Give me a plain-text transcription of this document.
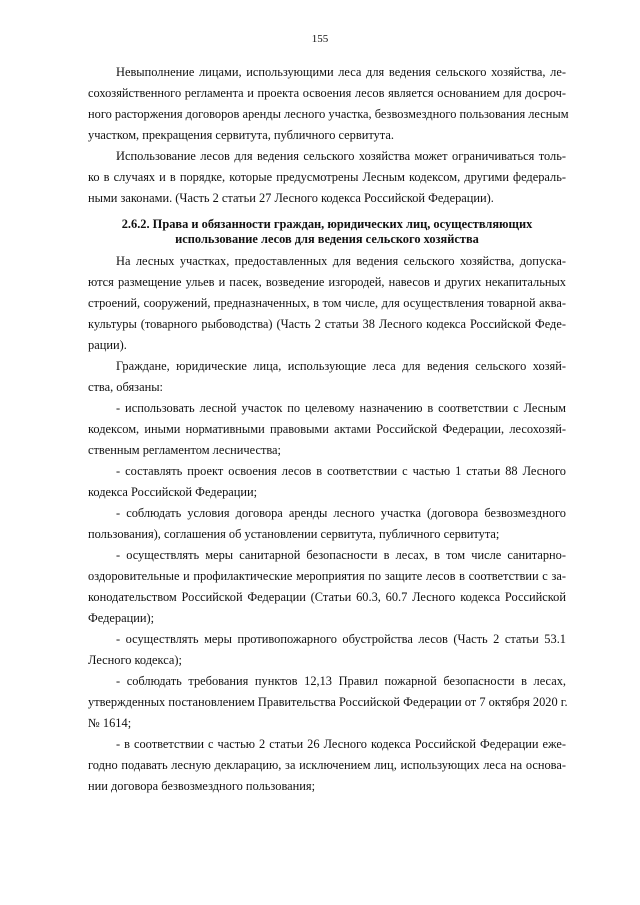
155
Невыполнение лицами, использующими леса для ведения сельского хозяйства, ле-
сохозяйственного регламента и проекта освоения лесов является основанием для досроч-
ного расторжения договоров аренды лесного участка, безвозмездного пользования лесным
участком, прекращения сервитута, публичного сервитута.
Использование лесов для ведения сельского хозяйства может ограничиваться толь-
ко в случаях и в порядке, которые предусмотрены Лесным кодексом, другими федераль-
ными законами. (Часть 2 статьи 27 Лесного кодекса Российской Федерации).
2.6.2. Права и обязанности граждан, юридических лиц, осуществляющих
использование лесов для ведения сельского хозяйства
На лесных участках, предоставленных для ведения сельского хозяйства, допуска-
ются размещение ульев и пасек, возведение изгородей, навесов и других некапитальных
строений, сооружений, предназначенных, в том числе, для осуществления товарной аква-
культуры (товарного рыбоводства) (Часть 2 статьи 38 Лесного кодекса Российской Феде-
рации).
Граждане, юридические лица, использующие леса для ведения сельского хозяй-
ства, обязаны:
- использовать лесной участок по целевому назначению в соответствии с Лесным
кодексом, иными нормативными правовыми актами Российской Федерации, лесохозяй-
ственным регламентом лесничества;
- составлять проект освоения лесов в соответствии с частью 1 статьи 88 Лесного
кодекса Российской Федерации;
- соблюдать условия договора аренды лесного участка (договора безвозмездного
пользования), соглашения об установлении сервитута, публичного сервитута;
- осуществлять меры санитарной безопасности в лесах, в том числе санитарно-
оздоровительные и профилактические мероприятия по защите лесов в соответствии с за-
конодательством Российской Федерации (Статьи 60.3, 60.7 Лесного кодекса Российской
Федерации);
- осуществлять меры противопожарного обустройства лесов (Часть 2 статьи 53.1
Лесного кодекса);
- соблюдать требования пунктов 12,13 Правил пожарной безопасности в лесах,
утвержденных постановлением Правительства Российской Федерации от 7 октября 2020 г.
№ 1614;
- в соответствии с частью 2 статьи 26 Лесного кодекса Российской Федерации еже-
годно подавать лесную декларацию, за исключением лиц, использующих леса на основа-
нии договора безвозмездного пользования;
